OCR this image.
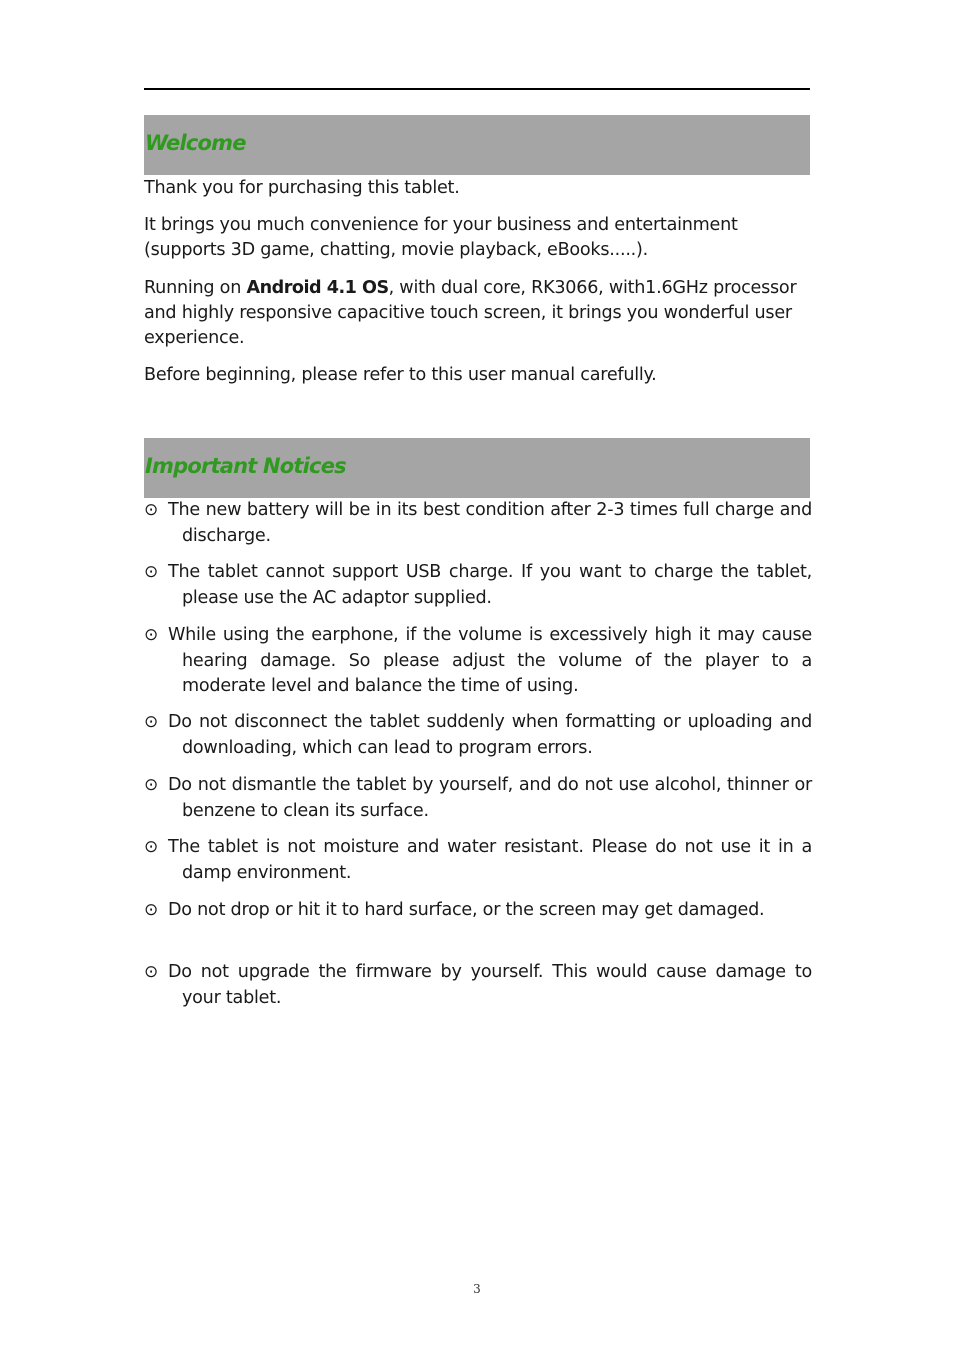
Welcome

Thank you for purchasing this tablet.

It brings you much convenience for your business and entertainment (supports 3D game, chatting, movie playback, eBooks.....).

Running on Android 4.1 OS, with dual core, RK3066, with1.6GHz processor and highly responsive capacitive touch screen, it brings you wonderful user experience.

Before beginning, please refer to this user manual carefully.

Important Notices

⊙ The new battery will be in its best condition after 2-3 times full charge and discharge.

⊙ The tablet cannot support USB charge. If you want to charge the tablet, please use the AC adaptor supplied.

⊙ While using the earphone, if the volume is excessively high it may cause hearing damage. So please adjust the volume of the player to a moderate level and balance the time of using.

⊙ Do not disconnect the tablet suddenly when formatting or uploading and downloading, which can lead to program errors.

⊙ Do not dismantle the tablet by yourself, and do not use alcohol, thinner or benzene to clean its surface.

⊙ The tablet is not moisture and water resistant. Please do not use it in a damp environment.

⊙ Do not drop or hit it to hard surface, or the screen may get damaged.

⊙ Do not upgrade the firmware by yourself. This would cause damage to your tablet.

3
